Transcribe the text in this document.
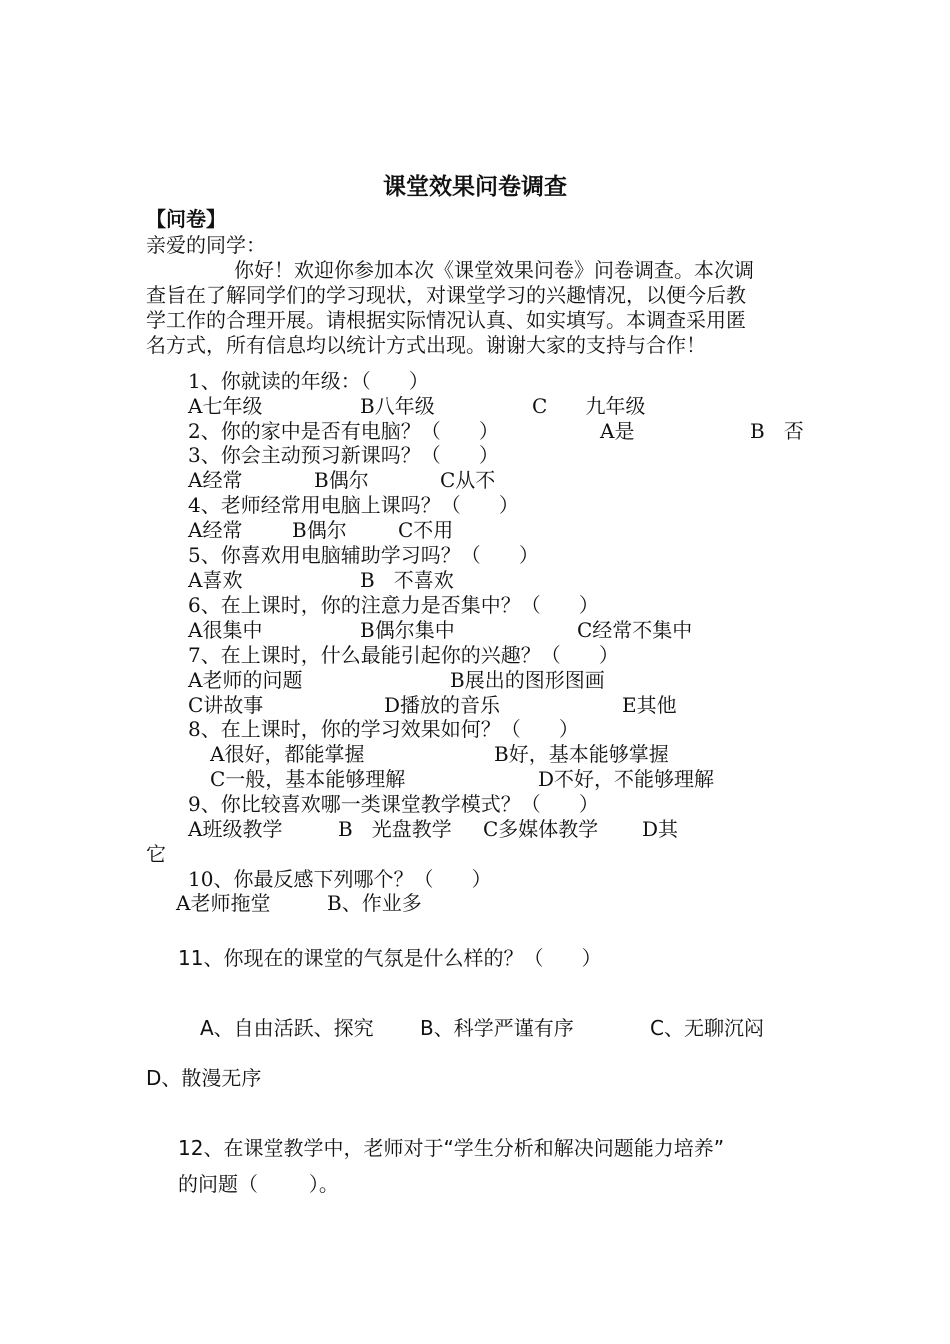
课堂效果问卷调查
【问卷】
亲爱的同学：
你好！欢迎你参加本次《课堂效果问卷》问卷调查。本次调
查旨在了解同学们的学习现状，对课堂学习的兴趣情况，以便今后教
学工作的合理开展。请根据实际情况认真、如实填写。本调查采用匿
名方式，所有信息均以统计方式出现。谢谢大家的支持与合作！
1、你就读的年级：（      ）
A七年级	B八年级	C      九年级
2、你的家中是否有电脑？（      ）	A是	B   否
3、你会主动预习新课吗？（      ）
A经常	B偶尔	C从不
4、老师经常用电脑上课吗？（      ）
A经常 B偶尔	C不用
5、你喜欢用电脑辅助学习吗？（      ）
A喜欢	B   不喜欢
6、在上课时，你的注意力是否集中？（      ）
A很集中	B偶尔集中	C经常不集中
7、在上课时，什么最能引起你的兴趣？（      ）
A老师的问题	B展出的图形图画
C讲故事	D播放的音乐	E其他
8、在上课时，你的学习效果如何？（      ）
A很好，都能掌握	B好，基本能够掌握
C一般，基本能够理解	D不好，不能够理解
9、你比较喜欢哪一类课堂教学模式？（      ）
A班级教学	B   光盘教学 C多媒体教学 D其
它
10、你最反感下列哪个？（      ）
A老师拖堂	B、作业多
11、你现在的课堂的气氛是什么样的？（      ）
A、自由活跃、探究 B、科学严谨有序	C、无聊沉闷
D、散漫无序
12、在课堂教学中，老师对于“学生分析和解决问题能力培养”
的问题（        ）。
